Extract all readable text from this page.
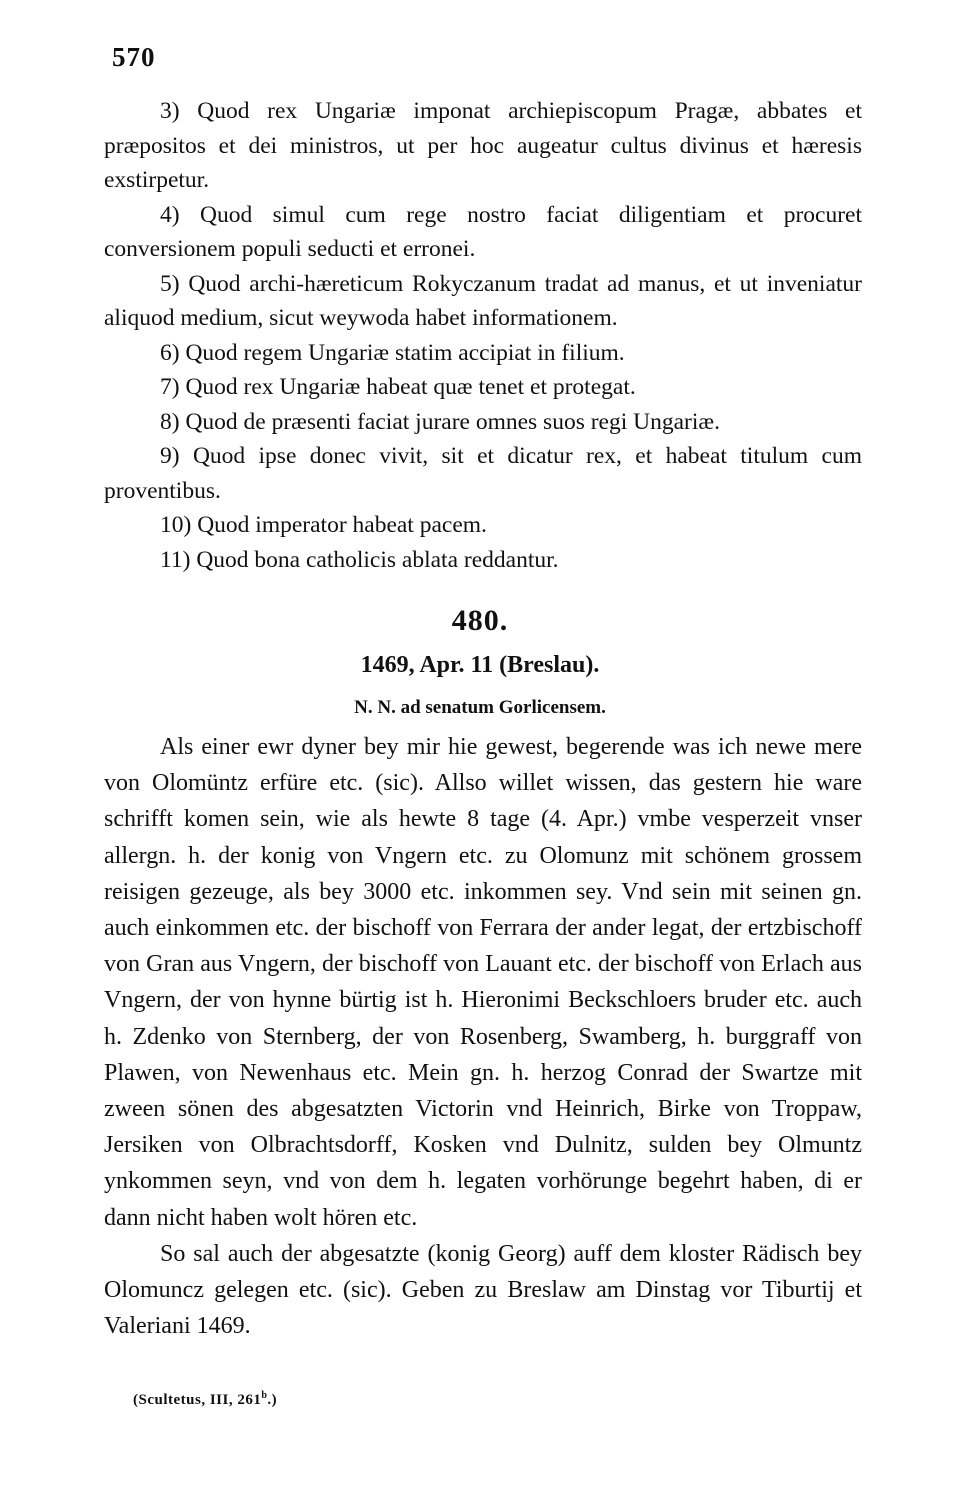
570

3) Quod rex Ungariæ imponat archiepiscopum Pragæ, abbates et præpositos et dei ministros, ut per hoc augeatur cultus divinus et hæresis exstirpetur.

4) Quod simul cum rege nostro faciat diligentiam et procuret conversionem populi seducti et erronei.

5) Quod archi-hæreticum Rokyczanum tradat ad manus, et ut inveniatur aliquod medium, sicut weywoda habet informationem.

6) Quod regem Ungariæ statim accipiat in filium.

7) Quod rex Ungariæ habeat quæ tenet et protegat.

8) Quod de præsenti faciat jurare omnes suos regi Ungariæ.

9) Quod ipse donec vivit, sit et dicatur rex, et habeat titulum cum proventibus.

10) Quod imperator habeat pacem.

11) Quod bona catholicis ablata reddantur.

480.
1469, Apr. 11 (Breslau).
N. N. ad senatum Gorlicensem.

Als einer ewr dyner bey mir hie gewest, begerende was ich newe mere von Olomüntz erfüre etc. (sic). Allso willet wissen, das gestern hie ware schrifft komen sein, wie als hewte 8 tage (4. Apr.) vmbe vesperzeit vnser allergn. h. der konig von Vngern etc. zu Olomunz mit schönem grossem reisigen gezeuge, als bey 3000 etc. inkommen sey. Vnd sein mit seinen gn. auch einkommen etc. der bischoff von Ferrara der ander legat, der ertzbischoff von Gran aus Vngern, der bischoff von Lauant etc. der bischoff von Erlach aus Vngern, der von hynne bürtig ist h. Hieronimi Beckschloers bruder etc. auch h. Zdenko von Sternberg, der von Rosenberg, Swamberg, h. burggraff von Plawen, von Newenhaus etc. Mein gn. h. herzog Conrad der Swartze mit zween sönen des abgesatzten Victorin vnd Heinrich, Birke von Troppaw, Jersiken von Olbrachtsdorff, Kosken vnd Dulnitz, sulden bey Olmuntz ynkommen seyn, vnd von dem h. legaten vorhörunge begehrt haben, di er dann nicht haben wolt hören etc.

So sal auch der abgesatzte (konig Georg) auff dem kloster Rädisch bey Olomuncz gelegen etc. (sic). Geben zu Breslaw am Dinstag vor Tiburtij et Valeriani 1469.

(Scultetus, III, 261$^b$.)
